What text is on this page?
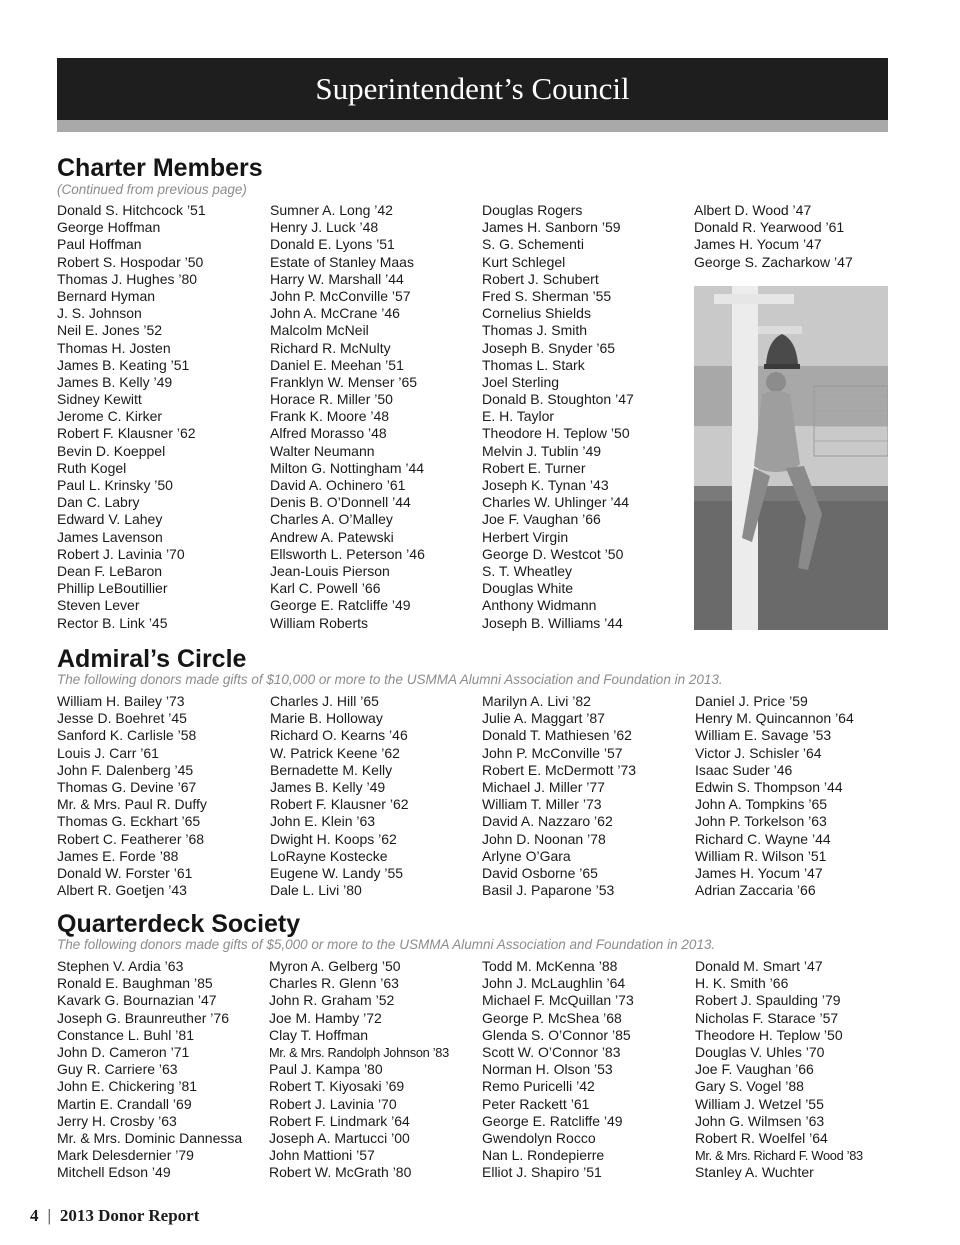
Superintendent’s Council
Charter Members
(Continued from previous page)
Donald S. Hitchcock ’51
George Hoffman
Paul Hoffman
Robert S. Hospodar ’50
Thomas J. Hughes ’80
Bernard Hyman
J. S. Johnson
Neil E. Jones ’52
Thomas H. Josten
James B. Keating ’51
James B. Kelly ’49
Sidney Kewitt
Jerome C. Kirker
Robert F. Klausner ’62
Bevin D. Koeppel
Ruth Kogel
Paul L. Krinsky ’50
Dan C. Labry
Edward V. Lahey
James Lavenson
Robert J. Lavinia ’70
Dean F. LeBaron
Phillip LeBoutillier
Steven Lever
Rector B. Link ’45
Sumner A. Long ’42
Henry J. Luck ’48
Donald E. Lyons ’51
Estate of Stanley Maas
Harry W. Marshall ’44
John P. McConville ’57
John A. McCrane ’46
Malcolm McNeil
Richard R. McNulty
Daniel E. Meehan ’51
Franklyn W. Menser ’65
Horace R. Miller ’50
Frank K. Moore ’48
Alfred Morasso ’48
Walter Neumann
Milton G. Nottingham ’44
David A. Ochinero ’61
Denis B. O’Donnell ’44
Charles A. O’Malley
Andrew A. Patewski
Ellsworth L. Peterson ’46
Jean-Louis Pierson
Karl C. Powell ’66
George E. Ratcliffe ’49
William Roberts
Douglas Rogers
James H. Sanborn ’59
S. G. Schementi
Kurt Schlegel
Robert J. Schubert
Fred S. Sherman ’55
Cornelius Shields
Thomas J. Smith
Joseph B. Snyder ’65
Thomas L. Stark
Joel Sterling
Donald B. Stoughton ’47
E. H. Taylor
Theodore H. Teplow ’50
Melvin J. Tublin ’49
Robert E. Turner
Joseph K. Tynan ’43
Charles W. Uhlinger ’44
Joe F. Vaughan ’66
Herbert Virgin
George D. Westcot ’50
S. T. Wheatley
Douglas White
Anthony Widmann
Joseph B. Williams ’44
Albert D. Wood ’47
Donald R. Yearwood ’61
James H. Yocum ’47
George S. Zacharkow ’47
Admiral’s Circle
The following donors made gifts of $10,000 or more to the USMMA Alumni Association and Foundation in 2013.
William H. Bailey ’73
Jesse D. Boehret ’45
Sanford K. Carlisle ’58
Louis J. Carr ’61
John F. Dalenberg ’45
Thomas G. Devine ’67
Mr. & Mrs. Paul R. Duffy
Thomas G. Eckhart ’65
Robert C. Featherer ’68
James E. Forde ’88
Donald W. Forster ’61
Albert R. Goetjen ’43
Charles J. Hill ’65
Marie B. Holloway
Richard O. Kearns ’46
W. Patrick Keene ’62
Bernadette M. Kelly
James B. Kelly ’49
Robert F. Klausner ’62
John E. Klein ’63
Dwight H. Koops ’62
LoRayne Kostecke
Eugene W. Landy ’55
Dale L. Livi ’80
Marilyn A. Livi ’82
Julie A. Maggart ’87
Donald T. Mathiesen ’62
John P. McConville ’57
Robert E. McDermott ’73
Michael J. Miller ’77
William T. Miller ’73
David A. Nazzaro ’62
John D. Noonan ’78
Arlyne O’Gara
David Osborne ’65
Basil J. Paparone ’53
Daniel J. Price ’59
Henry M. Quincannon ’64
William E. Savage ’53
Victor J. Schisler ’64
Isaac Suder ’46
Edwin S. Thompson ’44
John A. Tompkins ’65
John P. Torkelson ’63
Richard C. Wayne ’44
William R. Wilson ’51
James H. Yocum ’47
Adrian Zaccaria ’66
Quarterdeck Society
The following donors made gifts of $5,000 or more to the USMMA Alumni Association and Foundation in 2013.
Stephen V. Ardia ’63
Ronald E. Baughman ’85
Kavark G. Bournazian ’47
Joseph G. Braunreuther ’76
Constance L. Buhl ’81
John D. Cameron ’71
Guy R. Carriere ’63
John E. Chickering ’81
Martin E. Crandall ’69
Jerry H. Crosby ’63
Mr. & Mrs. Dominic Dannessa
Mark Delesdernier ’79
Mitchell Edson ’49
Myron A. Gelberg ’50
Charles R. Glenn ’63
John R. Graham ’52
Joe M. Hamby ’72
Clay T. Hoffman
Mr. & Mrs. Randolph Johnson ’83
Paul J. Kampa ’80
Robert T. Kiyosaki ’69
Robert J. Lavinia ’70
Robert F. Lindmark ’64
Joseph A. Martucci ’00
John Mattioni ’57
Robert W. McGrath ’80
Todd M. McKenna ’88
John J. McLaughlin ’64
Michael F. McQuillan ’73
George P. McShea ’68
Glenda S. O’Connor ’85
Scott W. O’Connor ’83
Norman H. Olson ’53
Remo Puricelli ’42
Peter Rackett ’61
George E. Ratcliffe ’49
Gwendolyn Rocco
Nan L. Rondepierre
Elliot J. Shapiro ’51
Donald M. Smart ’47
H. K. Smith ’66
Robert J. Spaulding ’79
Nicholas F. Starace ’57
Theodore H. Teplow ’50
Douglas V. Uhles ’70
Joe F. Vaughan ’66
Gary S. Vogel ’88
William J. Wetzel ’55
John G. Wilmsen ’63
Robert R. Woelfel ’64
Mr. & Mrs. Richard F. Wood ’83
Stanley A. Wuchter
4 | 2013 Donor Report
